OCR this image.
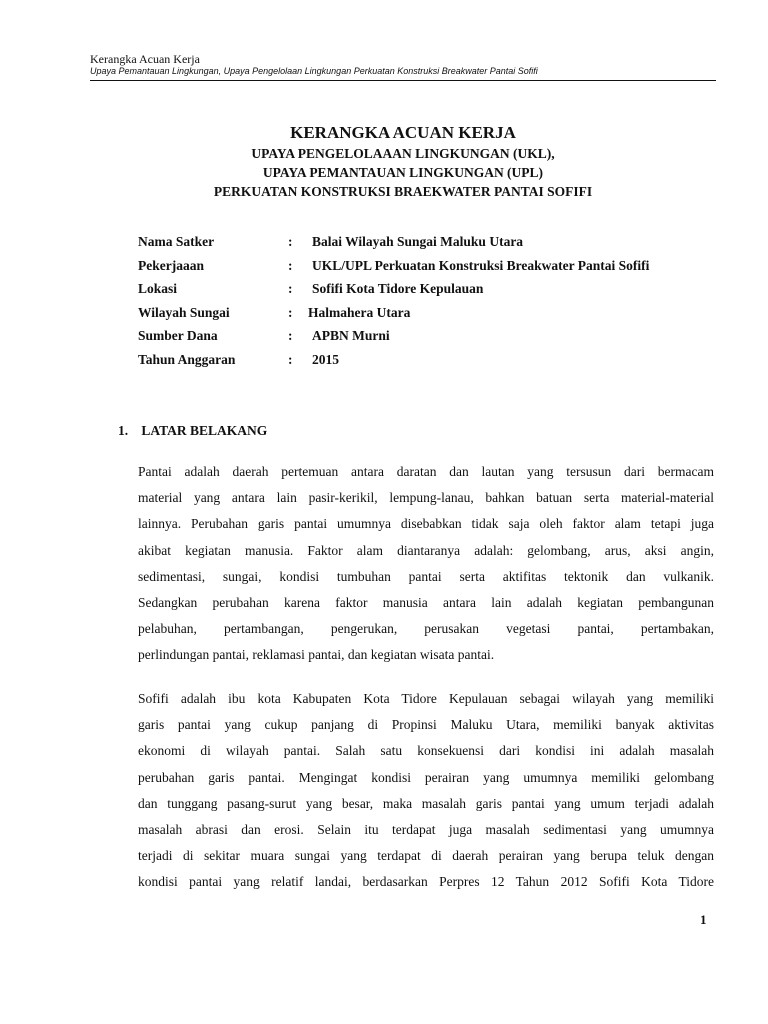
Kerangka Acuan Kerja
Upaya Pemantauan Lingkungan, Upaya Pengelolaan Lingkungan Perkuatan Konstruksi Breakwater Pantai Sofifi
KERANGKA ACUAN KERJA
UPAYA PENGELOLAAAN LINGKUNGAN (UKL),
UPAYA PEMANTAUAN LINGKUNGAN (UPL)
PERKUATAN KONSTRUKSI BRAEKWATER PANTAI SOFIFI
Nama Satker	: Balai Wilayah Sungai Maluku Utara
Pekerjaaan	: UKL/UPL Perkuatan Konstruksi Breakwater Pantai Sofifi
Lokasi	: Sofifi Kota Tidore Kepulauan
Wilayah Sungai	: Halmahera Utara
Sumber Dana	: APBN Murni
Tahun Anggaran	: 2015
1. LATAR BELAKANG
Pantai adalah daerah pertemuan antara daratan dan lautan yang tersusun dari bermacam
material yang antara lain pasir-kerikil, lempung-lanau, bahkan batuan serta material-material
lainnya. Perubahan garis pantai umumnya disebabkan tidak saja oleh faktor alam tetapi juga
akibat kegiatan manusia. Faktor alam diantaranya adalah: gelombang, arus, aksi angin,
sedimentasi, sungai, kondisi tumbuhan pantai serta aktifitas tektonik dan vulkanik.
Sedangkan perubahan karena faktor manusia antara lain adalah kegiatan pembangunan
pelabuhan, pertambangan, pengerukan, perusakan vegetasi pantai, pertambakan,
perlindungan pantai, reklamasi pantai, dan kegiatan wisata pantai.
Sofifi adalah ibu kota Kabupaten Kota Tidore Kepulauan sebagai wilayah yang memiliki
garis pantai yang cukup panjang di Propinsi Maluku Utara, memiliki banyak aktivitas
ekonomi di wilayah pantai. Salah satu konsekuensi dari kondisi ini adalah masalah
perubahan garis pantai. Mengingat kondisi perairan yang umumnya memiliki gelombang
dan tunggang pasang-surut yang besar, maka masalah garis pantai yang umum terjadi adalah
masalah abrasi dan erosi. Selain itu terdapat juga masalah sedimentasi yang umumnya
terjadi di sekitar muara sungai yang terdapat di daerah perairan yang berupa teluk dengan
kondisi pantai yang relatif landai, berdasarkan Perpres 12 Tahun 2012 Sofifi Kota Tidore
1
